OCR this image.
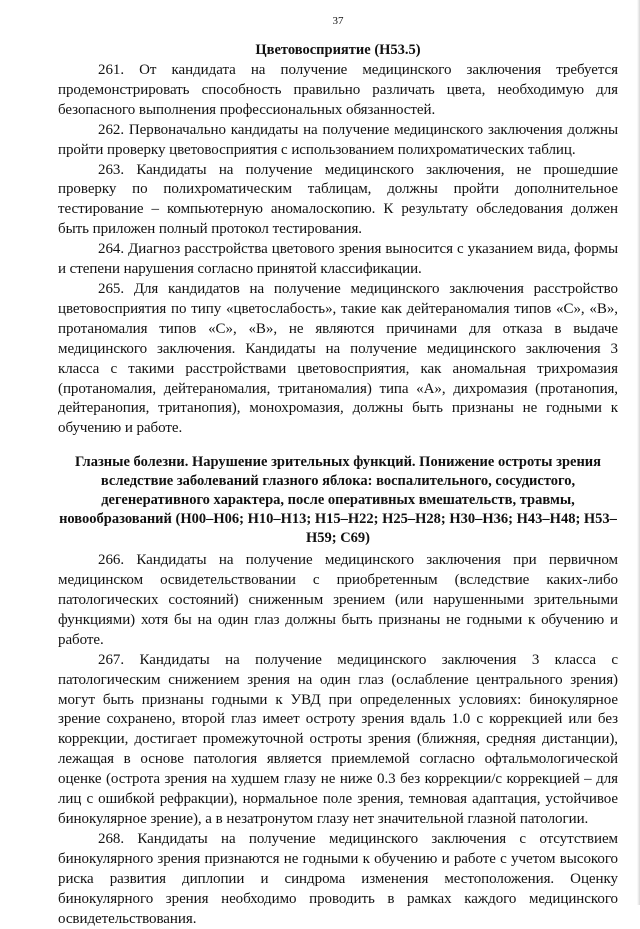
37
Цветовосприятие (H53.5)

261. От кандидата на получение медицинского заключения требуется продемонстрировать способность правильно различать цвета, необходимую для безопасного выполнения профессиональных обязанностей.

262. Первоначально кандидаты на получение медицинского заключения должны пройти проверку цветовосприятия с использованием полихроматических таблиц.

263. Кандидаты на получение медицинского заключения, не прошедшие проверку по полихроматическим таблицам, должны пройти дополнительное тестирование – компьютерную аномалоскопию. К результату обследования должен быть приложен полный протокол тестирования.

264. Диагноз расстройства цветового зрения выносится с указанием вида, формы и степени нарушения согласно принятой классификации.

265. Для кандидатов на получение медицинского заключения расстройство цветовосприятия по типу «цветослабость», такие как дейтераномалия типов «С», «В», протаномалия типов «С», «В», не являются причинами для отказа в выдаче медицинского заключения. Кандидаты на получение медицинского заключения 3 класса с такими расстройствами цветовосприятия, как аномальная трихромазия (протаномалия, дейтераномалия, тританомалия) типа «А», дихромазия (протанопия, дейтеранопия, тританопия), монохромазия, должны быть признаны не годными к обучению и работе.

Глазные болезни. Нарушение зрительных функций. Понижение остроты зрения вследствие заболеваний глазного яблока: воспалительного, сосудистого, дегенеративного характера, после оперативных вмешательств, травмы, новообразований (H00–H06; H10–H13; H15–H22; H25–H28; H30–H36; H43–H48; H53–H59; C69)

266. Кандидаты на получение медицинского заключения при первичном медицинском освидетельствовании с приобретенным (вследствие каких-либо патологических состояний) сниженным зрением (или нарушенными зрительными функциями) хотя бы на один глаз должны быть признаны не годными к обучению и работе.

267. Кандидаты на получение медицинского заключения 3 класса с патологическим снижением зрения на один глаз (ослабление центрального зрения) могут быть признаны годными к УВД при определенных условиях: бинокулярное зрение сохранено, второй глаз имеет остроту зрения вдаль 1.0 с коррекцией или без коррекции, достигает промежуточной остроты зрения (ближняя, средняя дистанции), лежащая в основе патология является приемлемой согласно офтальмологической оценке (острота зрения на худшем глазу не ниже 0.3 без коррекции/с коррекцией – для лиц с ошибкой рефракции), нормальное поле зрения, темновая адаптация, устойчивое бинокулярное зрение), а в незатронутом глазу нет значительной глазной патологии.

268. Кандидаты на получение медицинского заключения с отсутствием бинокулярного зрения признаются не годными к обучению и работе с учетом высокого риска развития диплопии и синдрома изменения местоположения. Оценку бинокулярного зрения необходимо проводить в рамках каждого медицинского освидетельствования.
